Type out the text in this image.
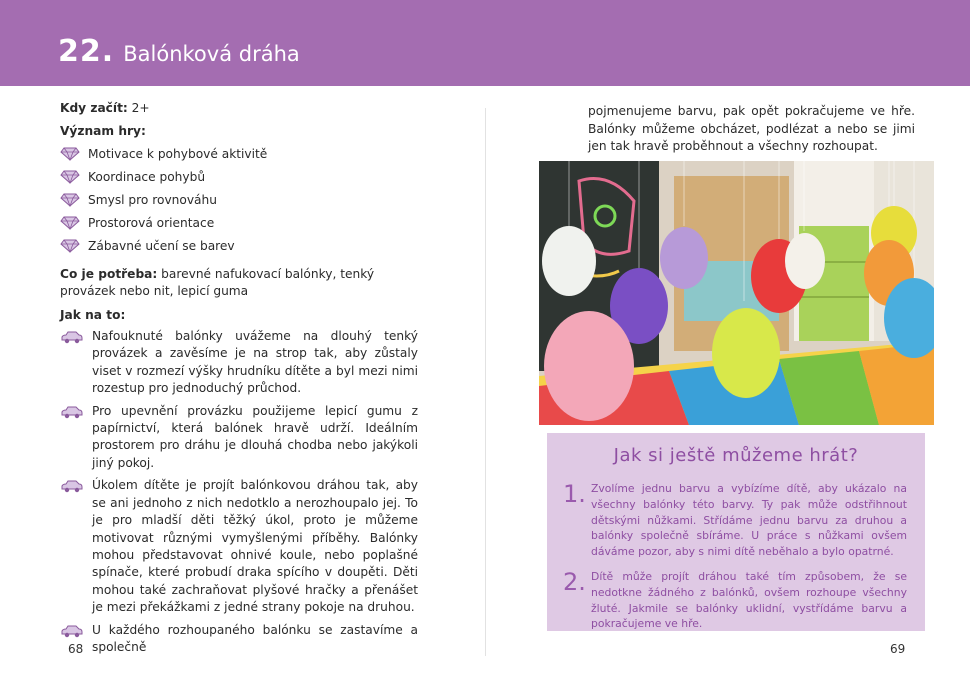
22. Balónková dráha
Kdy začít: 2+
Význam hry:
Motivace k pohybové aktivitě
Koordinace pohybů
Smysl pro rovnováhu
Prostorová orientace
Zábavné učení se barev
Co je potřeba: barevné nafukovací balónky, tenký provázek nebo nit, lepicí guma
Jak na to:
Nafouknuté balónky uvážeme na dlouhý tenký provázek a zavěsíme je na strop tak, aby zůstaly viset v rozmezí výšky hrudníku dítěte a byl mezi nimi rozestup pro jednoduchý průchod.
Pro upevnění provázku použijeme lepicí gumu z papírnictví, která balónek hravě udrží. Ideálním prostorem pro dráhu je dlouhá chodba nebo jakýkoli jiný pokoj.
Úkolem dítěte je projít balónkovou dráhou tak, aby se ani jednoho z nich nedotklo a nerozhoupalo jej. To je pro mladší děti těžký úkol, proto je můžeme motivovat různými vymyšlenými příběhy. Balónky mohou představovat ohnivé koule, nebo poplašné spínače, které probudí draka spícího v doupěti. Děti mohou také zachraňovat plyšové hračky a přenášet je mezi překážkami z jedné strany pokoje na druhou.
U každého rozhoupaného balónku se zastavíme a společně
68
pojmenujeme barvu, pak opět pokračujeme ve hře. Balónky můžeme obcházet, podlézat a nebo se jimi jen tak hravě proběhnout a všechny rozhoupat.
Jak si ještě můžeme hrát?
1. Zvolíme jednu barvu a vybízíme dítě, aby ukázalo na všechny balónky této barvy. Ty pak může odstřihnout dětskými nůžkami. Střídáme jednu barvu za druhou a balónky společně sbíráme. U práce s nůžkami ovšem dáváme pozor, aby s nimi dítě neběhalo a bylo opatrné.
2. Dítě může projít dráhou také tím způsobem, že se nedotkne žádného z balónků, ovšem rozhoupe všechny žluté. Jakmile se balónky uklidní, vystřídáme barvu a pokračujeme ve hře.
69
